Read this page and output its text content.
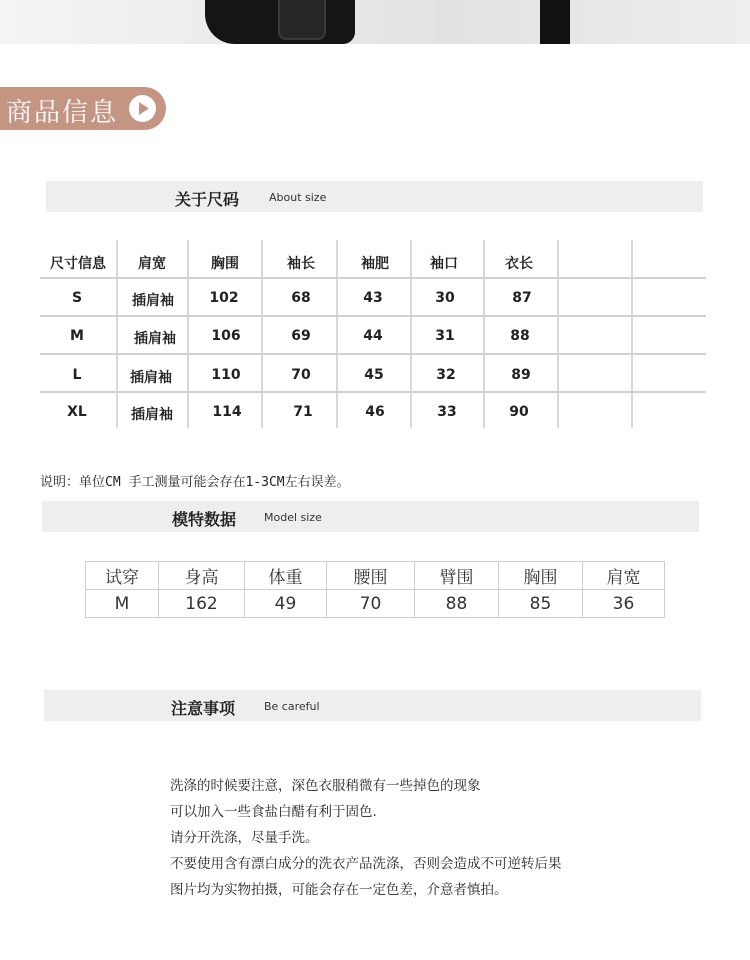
商品信息
关于尺码	About size
尺寸信息	肩宽	胸围	袖长	袖肥	袖口	衣长
S	插肩袖	102	68	43	30	87
M	插肩袖	106	69	44	31	88
L	插肩袖	110	70	45	32	89
XL	插肩袖	114	71	46	33	90
说明：单位CM 手工测量可能会存在1-3CM左右误差。
模特数据	Model size
试穿	身高	体重	腰围	臂围	胸围	肩宽
M	162	49	70	88	85	36
注意事项	Be careful
洗涤的时候要注意，深色衣服稍微有一些掉色的现象
可以加入一些食盐白醋有利于固色.
请分开洗涤，尽量手洗。
不要使用含有漂白成分的洗衣产品洗涤，否则会造成不可逆转后果
图片均为实物拍摄，可能会存在一定色差，介意者慎拍。
